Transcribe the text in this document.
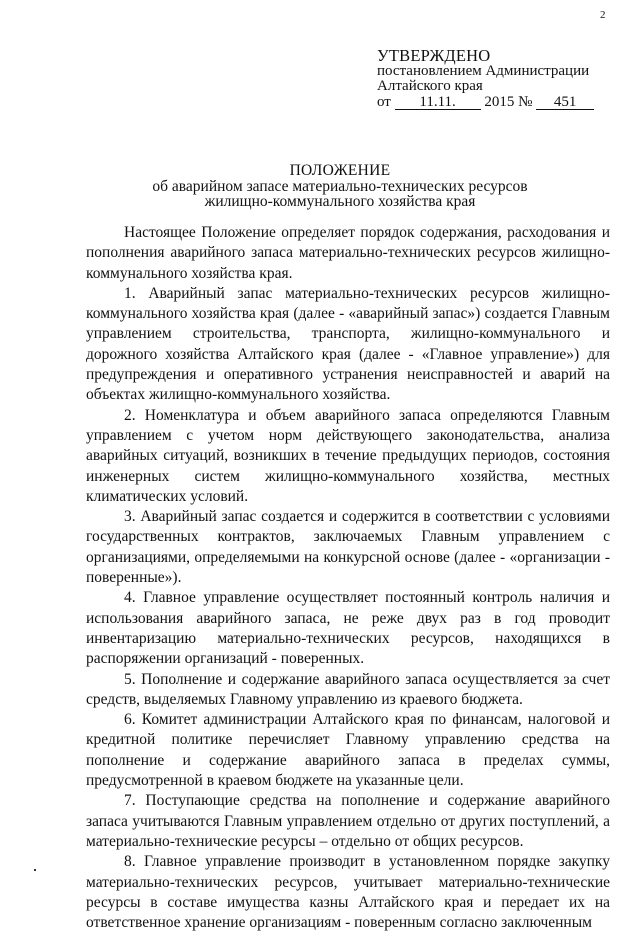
2
УТВЕРЖДЕНО
постановлением Администрации
Алтайского края
от 11.11. 2015 № 451
ПОЛОЖЕНИЕ
об аварийном запасе материально-технических ресурсов
жилищно-коммунального хозяйства края

Настоящее Положение определяет порядок содержания, расходования и пополнения аварийного запаса материально-технических ресурсов жилищно-коммунального хозяйства края.

1. Аварийный запас материально-технических ресурсов жилищно-коммунального хозяйства края (далее - «аварийный запас») создается Главным управлением строительства, транспорта, жилищно-коммунального и дорожного хозяйства Алтайского края (далее - «Главное управление») для предупреждения и оперативного устранения неисправностей и аварий на объектах жилищно-коммунального хозяйства.

2. Номенклатура и объем аварийного запаса определяются Главным управлением с учетом норм действующего законодательства, анализа аварийных ситуаций, возникших в течение предыдущих периодов, состояния инженерных систем жилищно-коммунального хозяйства, местных климатических условий.

3. Аварийный запас создается и содержится в соответствии с условиями государственных контрактов, заключаемых Главным управлением с организациями, определяемыми на конкурсной основе (далее - «организации - поверенные»).

4. Главное управление осуществляет постоянный контроль наличия и использования аварийного запаса, не реже двух раз в год проводит инвентаризацию материально-технических ресурсов, находящихся в распоряжении организаций - поверенных.

5. Пополнение и содержание аварийного запаса осуществляется за счет средств, выделяемых Главному управлению из краевого бюджета.

6. Комитет администрации Алтайского края по финансам, налоговой и кредитной политике перечисляет Главному управлению средства на пополнение и содержание аварийного запаса в пределах суммы, предусмотренной в краевом бюджете на указанные цели.

7. Поступающие средства на пополнение и содержание аварийного запаса учитываются Главным управлением отдельно от других поступлений, а материально-технические ресурсы – отдельно от общих ресурсов.

8. Главное управление производит в установленном порядке закупку материально-технических ресурсов, учитывает материально-технические ресурсы в составе имущества казны Алтайского края и передает их на ответственное хранение организациям - поверенным согласно заключенным
